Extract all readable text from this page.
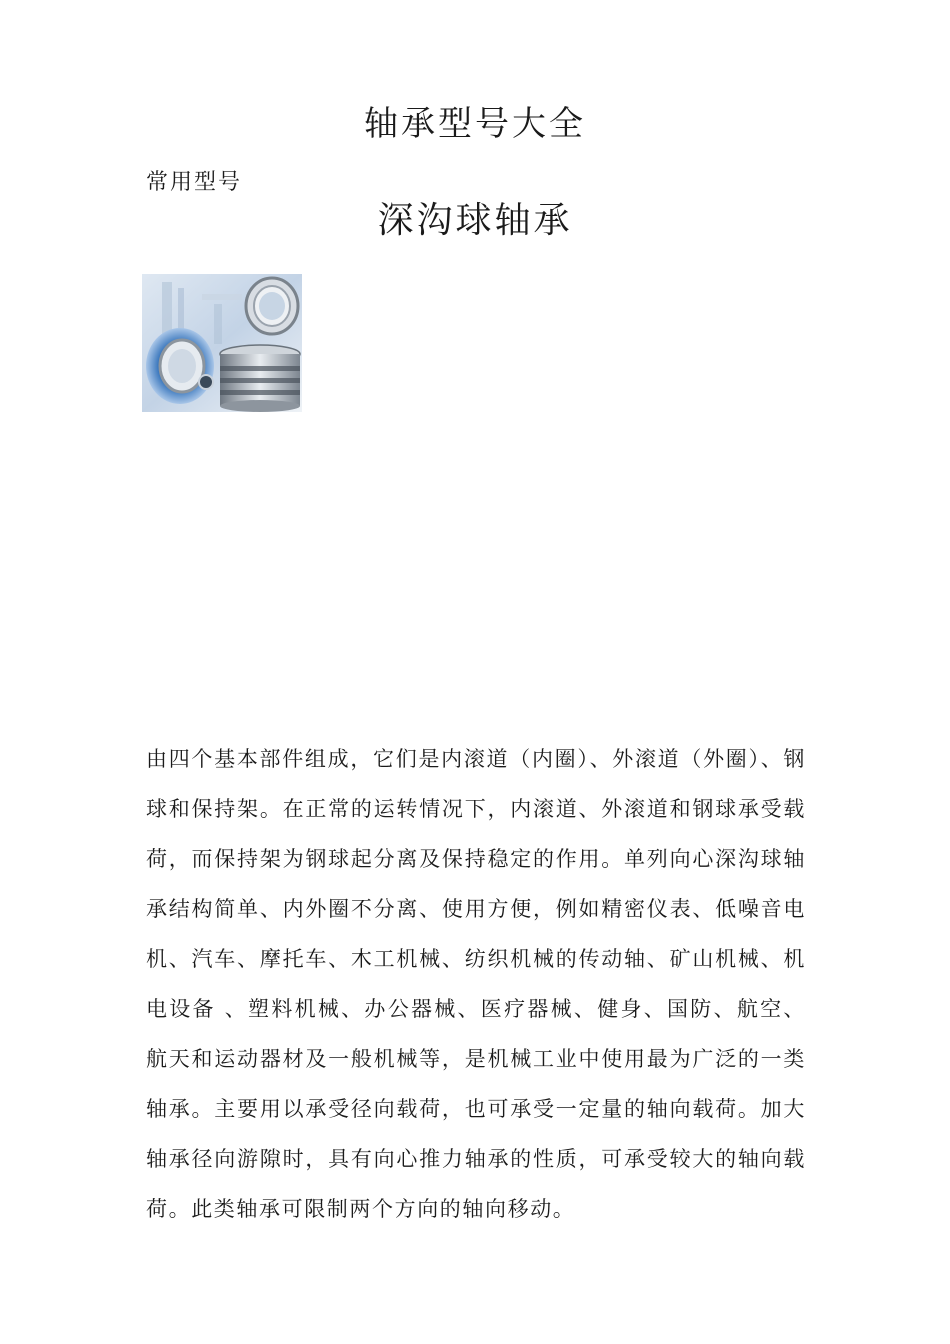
轴承型号大全
常用型号
深沟球轴承

由四个基本部件组成，它们是内滚道（内圈）、外滚道（外圈）、钢球和保持架。在正常的运转情况下，内滚道、外滚道和钢球承受载荷，而保持架为钢球起分离及保持稳定的作用。单列向心深沟球轴承结构简单、内外圈不分离、使用方便，例如精密仪表、低噪音电机、汽车、摩托车、木工机械、纺织机械的传动轴、矿山机械、机电设备 、塑料机械、办公器械、医疗器械、健身、国防、航空、航天和运动器材及一般机械等，是机械工业中使用最为广泛的一类轴承。主要用以承受径向载荷，也可承受一定量的轴向载荷。加大轴承径向游隙时，具有向心推力轴承的性质，可承受较大的轴向载荷。此类轴承可限制两个方向的轴向移动。
